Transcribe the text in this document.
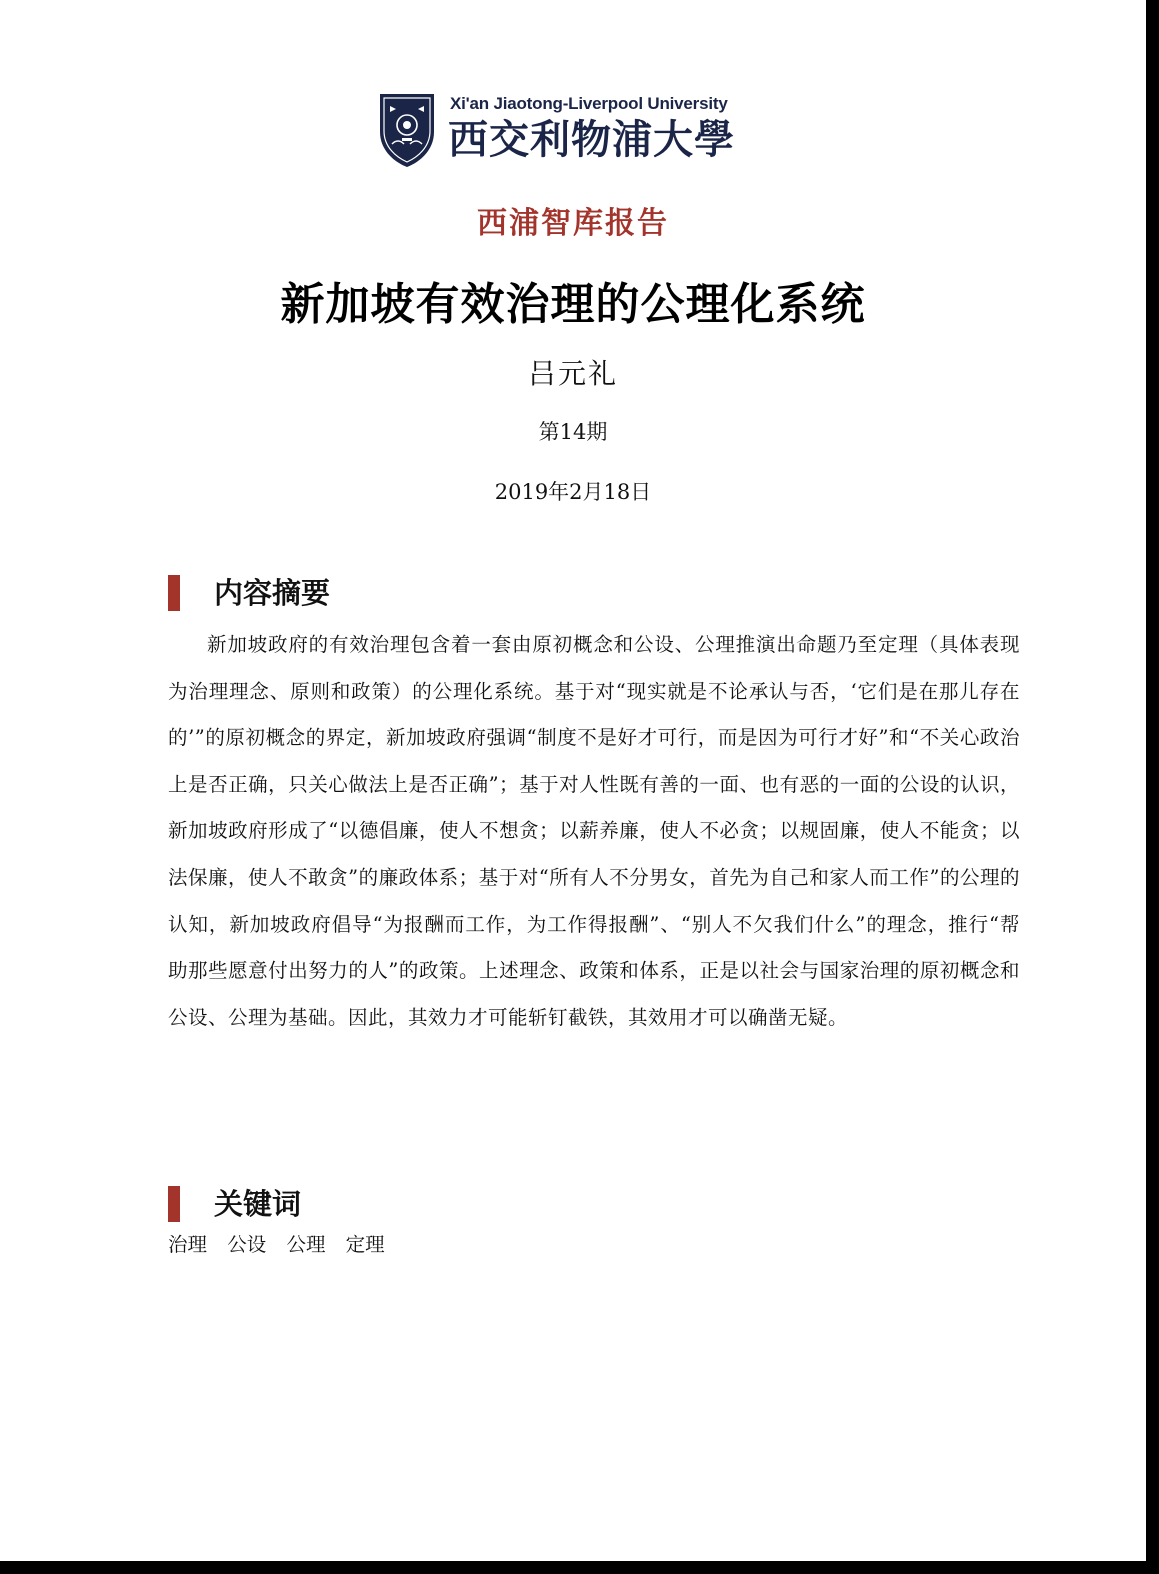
Xi'an Jiaotong-Liverpool University
西交利物浦大學
西浦智库报告
新加坡有效治理的公理化系统
吕元礼
第14期
2019年2月18日
内容摘要

新加坡政府的有效治理包含着一套由原初概念和公设、公理推演出命题乃至定理（具体表现为治理理念、原则和政策）的公理化系统。基于对“现实就是不论承认与否，‘它们是在那儿存在的’”的原初概念的界定，新加坡政府强调“制度不是好才可行，而是因为可行才好”和“不关心政治上是否正确，只关心做法上是否正确”；基于对人性既有善的一面、也有恶的一面的公设的认识，新加坡政府形成了“以德倡廉，使人不想贪；以薪养廉，使人不必贪；以规固廉，使人不能贪；以法保廉，使人不敢贪”的廉政体系；基于对“所有人不分男女，首先为自己和家人而工作”的公理的认知，新加坡政府倡导“为报酬而工作，为工作得报酬”、“别人不欠我们什么”的理念，推行“帮助那些愿意付出努力的人”的政策。上述理念、政策和体系，正是以社会与国家治理的原初概念和公设、公理为基础。因此，其效力才可能斩钉截铁，其效用才可以确凿无疑。

关键词
治理 公设 公理 定理
